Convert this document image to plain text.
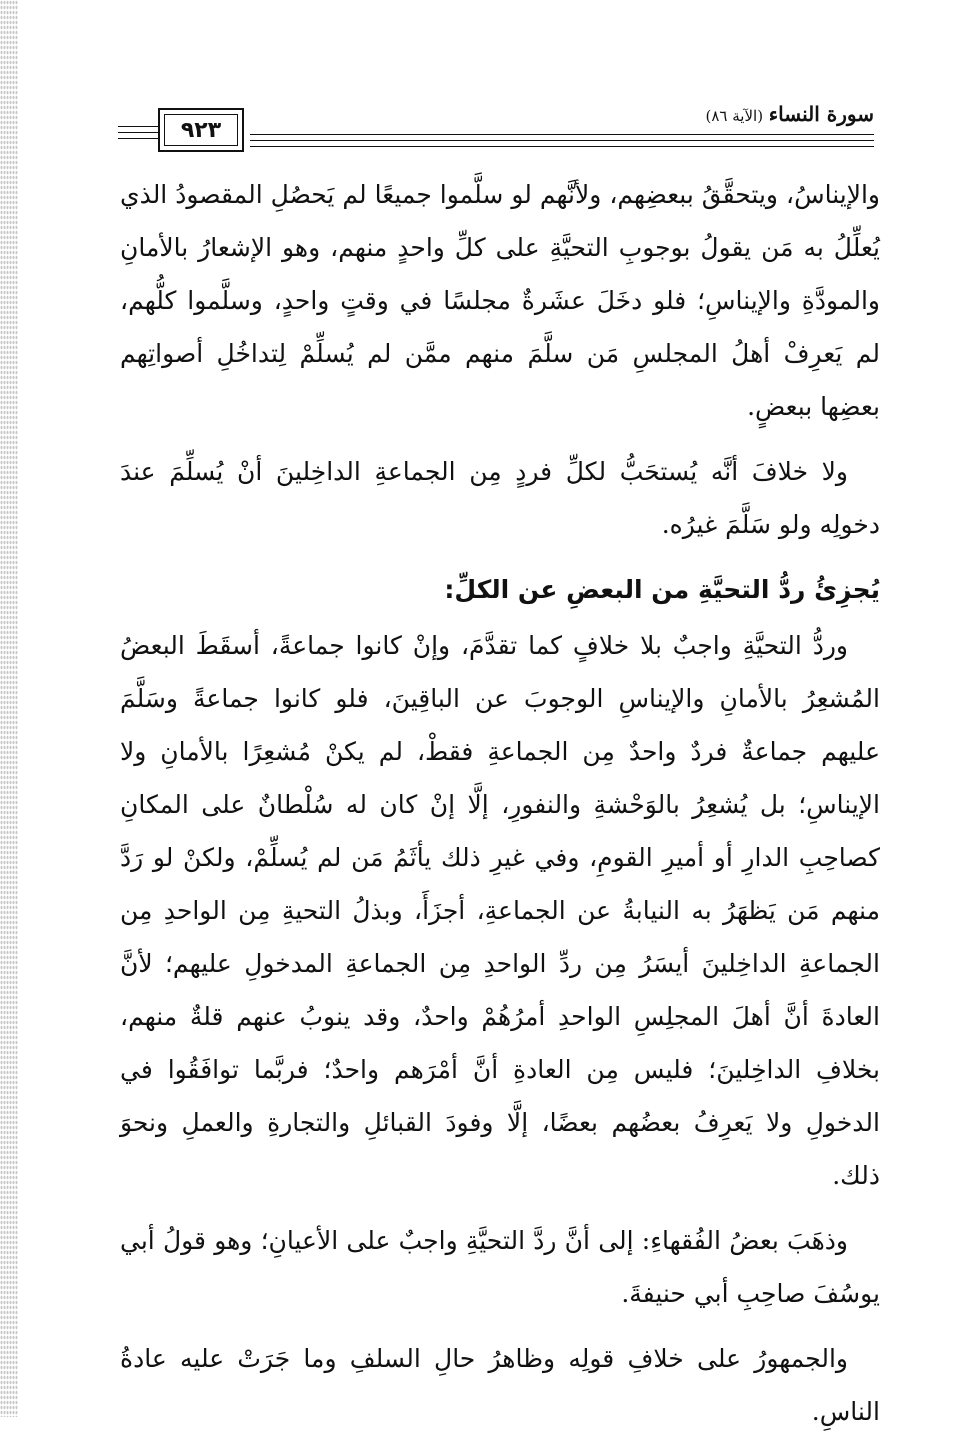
٩٢٣
سورة النساء (الآية ٨٦)

والإيناسُ، ويتحقَّقُ ببعضِهم، ولأنَّهم لو سلَّموا جميعًا لم يَحصُلِ المقصودُ الذي يُعلِّلُ به مَن يقولُ بوجوبِ التحيَّةِ على كلِّ واحدٍ منهم، وهو الإشعارُ بالأمانِ والمودَّةِ والإيناسِ؛ فلو دخَلَ عشَرةٌ مجلسًا في وقتٍ واحدٍ، وسلَّموا كلُّهم، لم يَعرِفْ أهلُ المجلسِ مَن سلَّمَ منهم ممَّن لم يُسلِّمْ لِتداخُلِ أصواتِهم بعضِها ببعضٍ.

ولا خلافَ أنَّه يُستحَبُّ لكلِّ فردٍ مِن الجماعةِ الداخِلينَ أنْ يُسلِّمَ عندَ دخولِه ولو سَلَّمَ غيرُه.

يُجزِئُ ردُّ التحيَّةِ من البعضِ عن الكلِّ:

وردُّ التحيَّةِ واجبٌ بلا خلافٍ كما تقدَّمَ، وإنْ كانوا جماعةً، أسقَطَ البعضُ المُشعِرُ بالأمانِ والإيناسِ الوجوبَ عن الباقِينَ، فلو كانوا جماعةً وسَلَّمَ عليهم جماعةٌ فردٌ واحدٌ مِن الجماعةِ فقطْ، لم يكنْ مُشعِرًا بالأمانِ ولا الإيناسِ؛ بل يُشعِرُ بالوَحْشةِ والنفورِ، إلَّا إنْ كان له سُلْطانٌ على المكانِ كصاحِبِ الدارِ أو أميرِ القومِ، وفي غيرِ ذلك يأثَمُ مَن لم يُسلِّمْ، ولكنْ لو رَدَّ منهم مَن يَظهَرُ به النيابةُ عن الجماعةِ، أجزَأَ، وبذلُ التحيةِ مِن الواحدِ مِن الجماعةِ الداخِلينَ أيسَرُ مِن ردِّ الواحدِ مِن الجماعةِ المدخولِ عليهم؛ لأنَّ العادةَ أنَّ أهلَ المجلِسِ الواحدِ أمرُهُمْ واحدٌ، وقد ينوبُ عنهم قلةٌ منهم، بخلافِ الداخِلينَ؛ فليس مِن العادةِ أنَّ أمْرَهم واحدٌ؛ فربَّما توافَقُوا في الدخولِ ولا يَعرِفُ بعضُهم بعضًا، إلَّا وفودَ القبائلِ والتجارةِ والعملِ ونحوَ ذلك.

وذهَبَ بعضُ الفُقهاءِ: إلى أنَّ ردَّ التحيَّةِ واجبٌ على الأعيانِ؛ وهو قولُ أبي يوسُفَ صاحِبِ أبي حنيفةَ.

والجمهورُ على خلافِ قولِه وظاهرُ حالِ السلفِ وما جَرَتْ عليه عادةُ الناسِ.
